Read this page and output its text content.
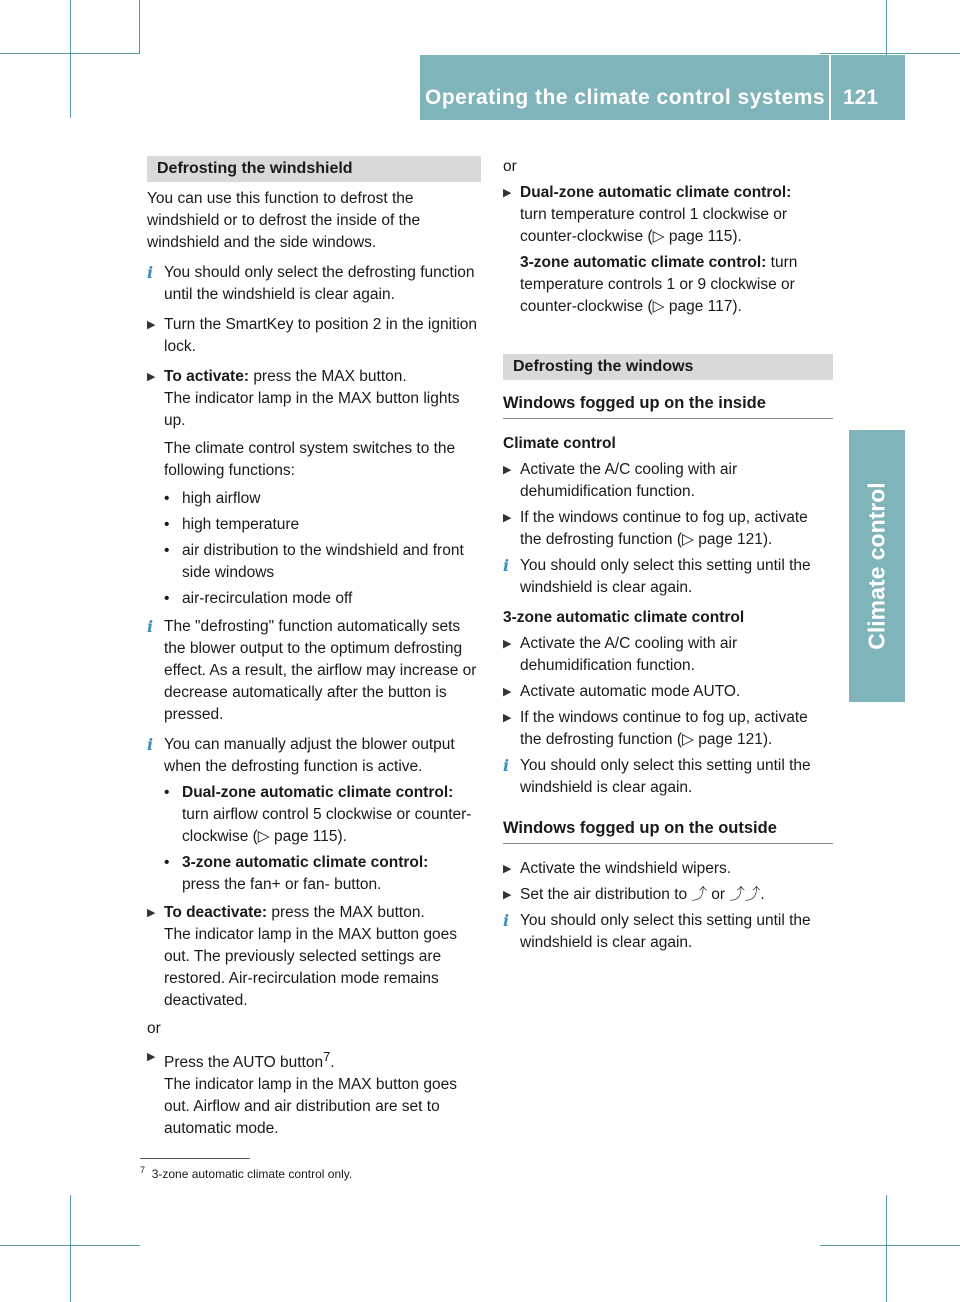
Operating the climate control systems 121
Climate control
Defrosting the windshield

You can use this function to defrost the windshield or to defrost the inside of the windshield and the side windows.

i You should only select the defrosting function until the windshield is clear again.

▶ Turn the SmartKey to position 2 in the ignition lock.

▶ To activate: press the MAX button.

The indicator lamp in the MAX button lights up.

The climate control system switches to the following functions:

• high airflow

• high temperature

• air distribution to the windshield and front side windows

• air-recirculation mode off

i The "defrosting" function automatically sets the blower output to the optimum defrosting effect. As a result, the airflow may increase or decrease automatically after the button is pressed.

i You can manually adjust the blower output when the defrosting function is active.

• Dual-zone automatic climate control:
turn airflow control 5 clockwise or counter-clockwise (▷ page 115).

• 3-zone automatic climate control:
press the fan+ or fan- button.

▶ To deactivate: press the MAX button.

The indicator lamp in the MAX button goes out. The previously selected settings are restored. Air-recirculation mode remains deactivated.

or

▶ Press the AUTO button$^7$.

The indicator lamp in the MAX button goes out. Airflow and air distribution are set to automatic mode.

or

▶ Dual-zone automatic climate control:
turn temperature control 1 clockwise or counter-clockwise (▷ page 115).

3-zone automatic climate control: turn temperature controls 1 or 9 clockwise or counter-clockwise (▷ page 117).

Defrosting the windows
Windows fogged up on the inside

Climate control

▶ Activate the A/C cooling with air dehumidification function.

▶ If the windows continue to fog up, activate the defrosting function (▷ page 121).

i You should only select this setting until the windshield is clear again.

3-zone automatic climate control

▶ Activate the A/C cooling with air dehumidification function.

▶ Activate automatic mode AUTO.

▶ If the windows continue to fog up, activate the defrosting function (▷ page 121).

i You should only select this setting until the windshield is clear again.

Windows fogged up on the outside

▶ Activate the windshield wipers.

▶ Set the air distribution to ⤴ or ⤴⤴.

i You should only select this setting until the windshield is clear again.

$^7$ 3-zone automatic climate control only.
